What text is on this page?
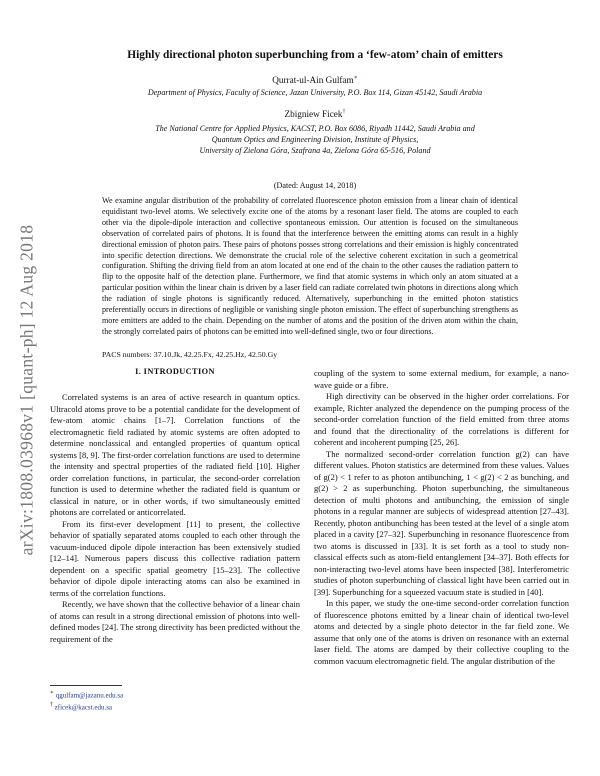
arXiv:1808.03968v1 [quant-ph] 12 Aug 2018
Highly directional photon superbunching from a ‘few-atom’ chain of emitters
Qurrat-ul-Ain Gulfam∗
Department of Physics, Faculty of Science, Jazan University, P.O. Box 114, Gizan 45142, Saudi Arabia
Zbigniew Ficek†
The National Centre for Applied Physics, KACST, P.O. Box 6086, Riyadh 11442, Saudi Arabia and
Quantum Optics and Engineering Division, Institute of Physics,
University of Zielona Góra, Szafrana 4a, Zielona Góra 65-516, Poland
(Dated: August 14, 2018)
We examine angular distribution of the probability of correlated fluorescence photon emission from a linear chain of identical equidistant two-level atoms. We selectively excite one of the atoms by a resonant laser field. The atoms are coupled to each other via the dipole-dipole interaction and collective spontaneous emission. Our attention is focused on the simultaneous observation of correlated pairs of photons. It is found that the interference between the emitting atoms can result in a highly directional emission of photon pairs. These pairs of photons posses strong correlations and their emission is highly concentrated into specific detection directions. We demonstrate the crucial role of the selective coherent excitation in such a geometrical configuration. Shifting the driving field from an atom located at one end of the chain to the other causes the radiation pattern to flip to the opposite half of the detection plane. Furthermore, we find that atomic systems in which only an atom situated at a particular position within the linear chain is driven by a laser field can radiate correlated twin photons in directions along which the radiation of single photons is significantly reduced. Alternatively, superbunching in the emitted photon statistics preferentially occurs in directions of negligible or vanishing single photon emission. The effect of superbunching strengthens as more emitters are added to the chain. Depending on the number of atoms and the position of the driven atom within the chain, the strongly correlated pairs of photons can be emitted into well-defined single, two or four directions.
PACS numbers: 37.10.Jk, 42.25.Fx, 42.25.Hz, 42.50.Gy
I. INTRODUCTION

Correlated systems is an area of active research in quantum optics. Ultracold atoms prove to be a potential candidate for the development of few-atom atomic chains [1–7]. Correlation functions of the electromagnetic field radiated by atomic systems are often adopted to determine nonclassical and entangled properties of quantum optical systems [8, 9]. The first-order correlation functions are used to determine the intensity and spectral properties of the radiated field [10]. Higher order correlation functions, in particular, the second-order correlation function is used to determine whether the radiated field is quantum or classical in nature, or in other words, if two simultaneously emitted photons are correlated or anticorrelated.

From its first-ever development [11] to present, the collective behavior of spatially separated atoms coupled to each other through the vacuum-induced dipole dipole interaction has been extensively studied [12–14]. Numerous papers discuss this collective radiation pattern dependent on a specific spatial geometry [15–23]. The collective behavior of dipole dipole interacting atoms can also be examined in terms of the correlation functions.

Recently, we have shown that the collective behavior of a linear chain of atoms can result in a strong directional emission of photons into well-defined modes [24]. The strong directivity has been predicted without the requirement of the

coupling of the system to some external medium, for example, a nano-wave guide or a fibre.

High directivity can be observed in the higher order correlations. For example, Richter analyzed the dependence on the pumping process of the second-order correlation function of the field emitted from three atoms and found that the directionality of the correlations is different for coherent and incoherent pumping [25, 26].

The normalized second-order correlation function g(2) can have different values. Photon statistics are determined from these values. Values of g(2) < 1 refer to as photon antibunching, 1 < g(2) < 2 as bunching, and g(2) > 2 as superbunching. Photon superbunching, the simultaneous detection of multi photons and antibunching, the emission of single photons in a regular manner are subjects of widespread attention [27–43]. Recently, photon antibunching has been tested at the level of a single atom placed in a cavity [27–32]. Superbunching in resonance fluorescence from two atoms is discussed in [33]. It is set forth as a tool to study non-classical effects such as atom-field entanglement [34–37]. Both effects for non-interacting two-level atoms have been inspected [38]. Interferometric studies of photon superbunching of classical light have been carried out in [39]. Superbunching for a squeezed vacuum state is studied in [40].

In this paper, we study the one-time second-order correlation function of fluorescence photons emitted by a linear chain of identical two-level atoms and detected by a single photo detector in the far field zone. We assume that only one of the atoms is driven on resonance with an external laser field. The atoms are damped by their collective coupling to the common vacuum electromagnetic field. The angular distribution of the

∗ qgulfam@jazanu.edu.sa
† zficek@kacst.edu.sa
